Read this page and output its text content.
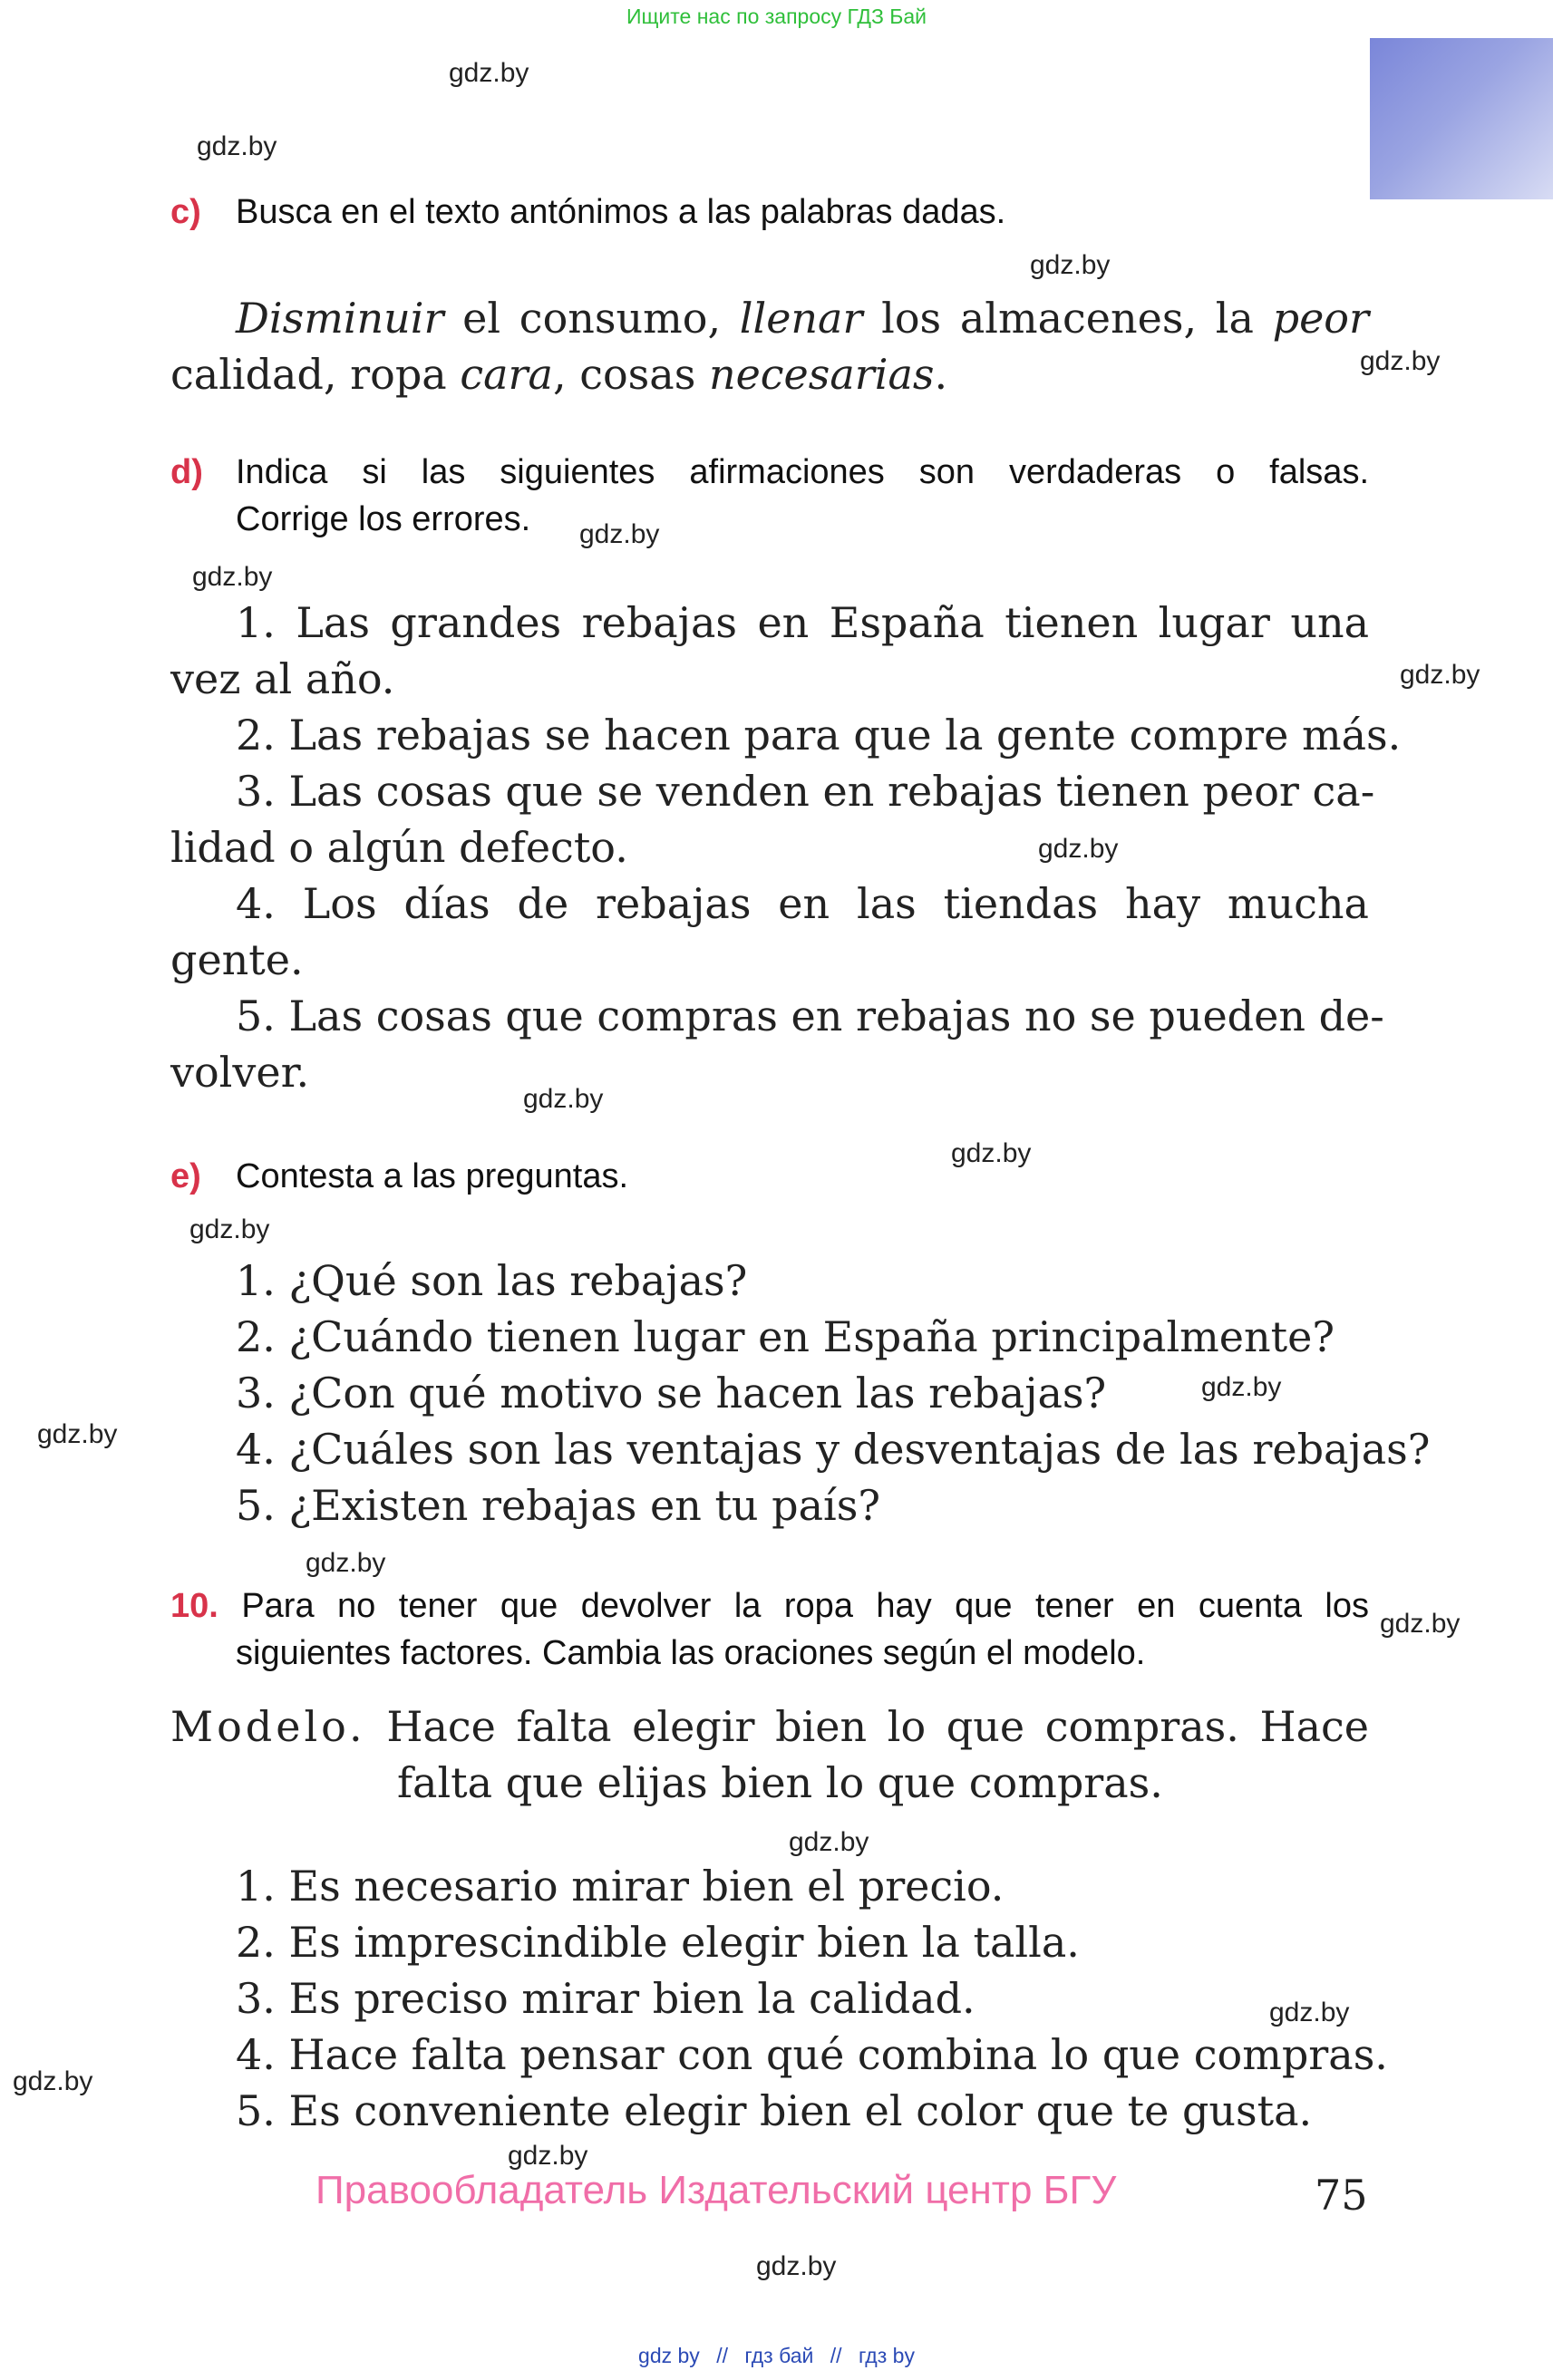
Ищите нас по запросу ГДЗ Бай
gdz.by
gdz.by
gdz.by
gdz.by
gdz.by
gdz.by
gdz.by
gdz.by
gdz.by
gdz.by
gdz.by
gdz.by
gdz.by
gdz.by
gdz.by
gdz.by
gdz.by
gdz.by
gdz.by
gdz.by
c) Busca en el texto antónimos a las palabras dadas.
Disminuir el consumo, llenar los almacenes, la peor calidad, ropa cara, cosas necesarias.
d) Indica si las siguientes afirmaciones son verdaderas o falsas.
Corrige los errores.
1. Las grandes rebajas en España tienen lugar una
vez al año.
2. Las rebajas se hacen para que la gente compre más.
3. Las cosas que se venden en rebajas tienen peor ca-
lidad o algún defecto.
4. Los días de rebajas en las tiendas hay mucha
gente.
5. Las cosas que compras en rebajas no se pueden de-
volver.
e) Contesta a las preguntas.
1. ¿Qué son las rebajas?
2. ¿Cuándo tienen lugar en España principalmente?
3. ¿Con qué motivo se hacen las rebajas?
4. ¿Cuáles son las ventajas y desventajas de las rebajas?
5. ¿Existen rebajas en tu país?
10. Para no tener que devolver la ropa hay que tener en cuenta los
siguientes factores. Cambia las oraciones según el modelo.
Modelo. Hace falta elegir bien lo que compras. Hace
falta que elijas bien lo que compras.
1. Es necesario mirar bien el precio.
2. Es imprescindible elegir bien la talla.
3. Es preciso mirar bien la calidad.
4. Hace falta pensar con qué combina lo que compras.
5. Es conveniente elegir bien el color que te gusta.
Правообладатель Издательский центр БГУ	75
gdz by // гдз бай // гдз by
